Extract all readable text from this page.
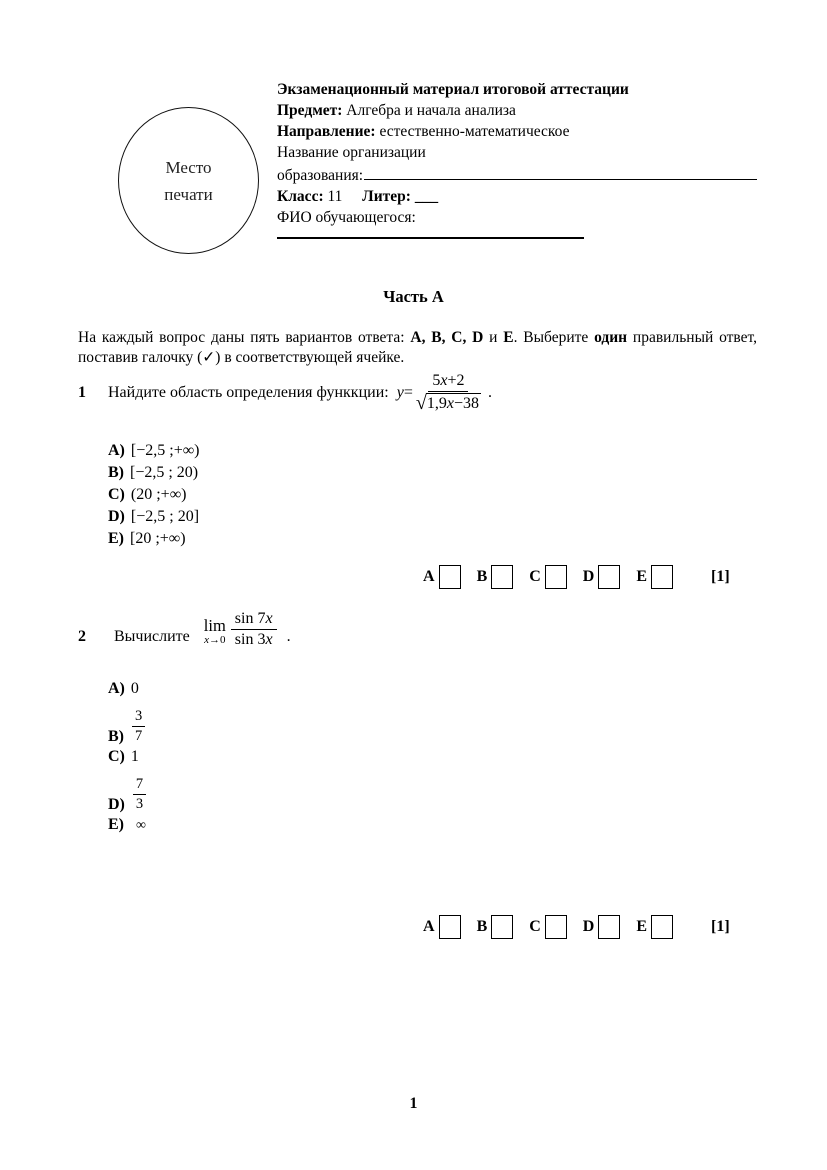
Место
печати
Экзаменационный материал итоговой аттестации
Предмет: Алгебра и начала анализа
Направление: естественно-математическое
Название организации
образования:
Класс: 11 Литер: ___
ФИО обучающегося:
Часть А
На каждый вопрос даны пять вариантов ответа: А, В, С, D и Е. Выберите один правильный ответ, поставив галочку (✓) в соответствующей ячейке.
1	Найдите область определения функкции: $y = \frac{5x+2}{√ 1,9x-38}$ .
A) [−2,5 ;+∞)
B) [−2,5 ; 20)
C) (20 ;+∞)
D) [−2,5 ; 20]
E) [20 ;+∞)
А	В	С	D	Е	[1]
2	Вычислите
lim
$x\to 0 \frac{\sin 7x}{\sin 3 x}$ .
A) 0
B)
3
7
C) 1
D)
7
3
E) ∞
А	В	С	D	Е	[1]
1
